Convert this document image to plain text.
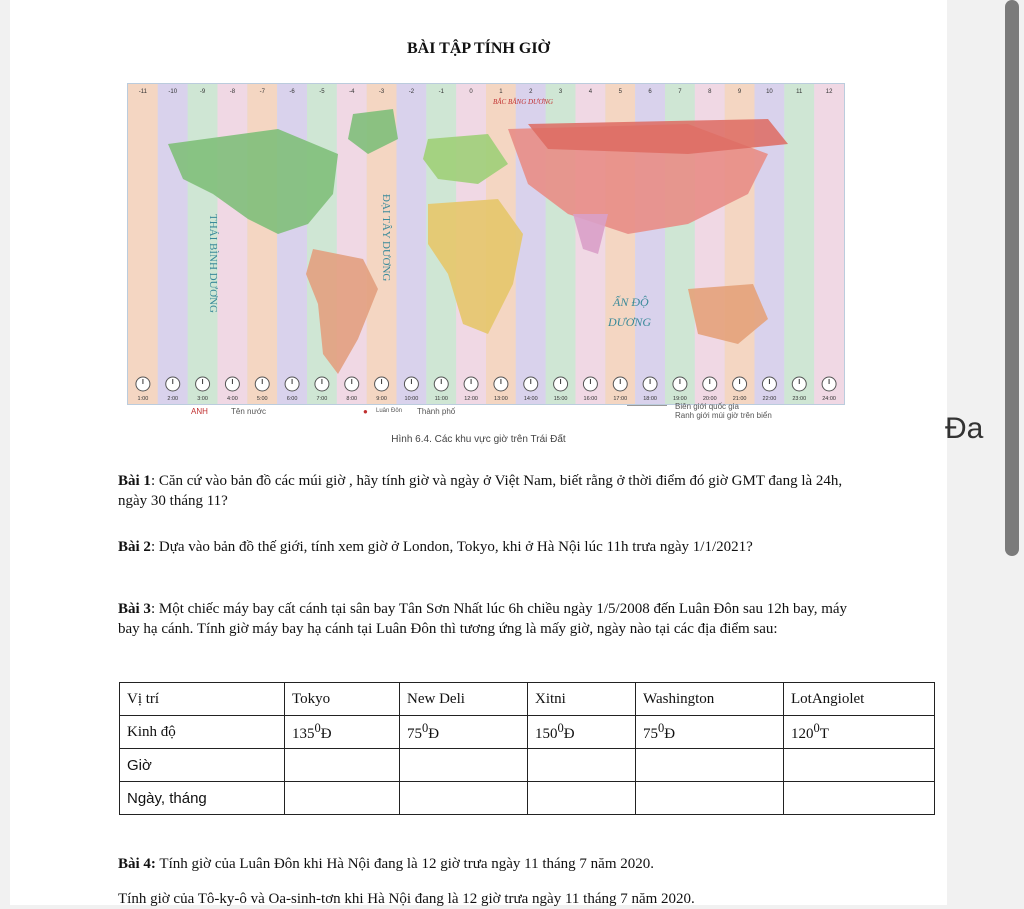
BÀI TẬP TÍNH GIỜ
-11	-10	-9	-8	-7	-6	-5	-4	-3	-2	-1	0	1	2	3	4	5	6	7	8	9	10	11	12
BẮC BĂNG DƯƠNG
THÁI BÌNH DƯƠNG	ĐẠI TÂY DƯƠNG
ẤN ĐỘ
DƯƠNG
1:00	2:00	3:00	4:00	5:00	6:00	7:00	8:00	9:00	10:00	11:00	12:00	13:00	14:00	15:00	16:00	17:00	18:00	19:00	20:00	21:00	22:00	23:00	24:00
ANH	Tên nước	● Luân Đôn Thành phố
Biên giới quốc gia
Ranh giới múi giờ trên biển
Hình 6.4. Các khu vực giờ trên Trái Đất
Bài 1: Căn cứ vào bản đồ các múi giờ , hãy tính giờ và ngày ở Việt Nam, biết rằng ở thời điểm đó giờ GMT đang là 24h, ngày 30 tháng 11?
Bài 2: Dựa vào bản đồ thế giới, tính xem giờ ở London, Tokyo, khi ở Hà Nội lúc 11h trưa ngày 1/1/2021?
Bài 3: Một chiếc máy bay cất cánh tại sân bay Tân Sơn Nhất lúc 6h chiều ngày 1/5/2008 đến Luân Đôn sau 12h bay, máy bay hạ cánh. Tính giờ máy bay hạ cánh tại Luân Đôn thì tương ứng là mấy giờ, ngày nào tại các địa điểm sau:
Vị trí	Tokyo	New Deli	Xitni	Washington	LotAngiolet
Kinh độ	$135^0Đ$	$75^0Đ$	$150^0Đ$	$75^0Đ$	$120^0T$
Giờ					
Ngày, tháng					
Bài 4: Tính giờ của Luân Đôn khi Hà Nội đang là 12 giờ trưa ngày 11 tháng 7 năm 2020.
Tính giờ của Tô-ky-ô và Oa-sinh-tơn khi Hà Nội đang là 12 giờ trưa ngày 11 tháng 7 năm 2020.
Đa
